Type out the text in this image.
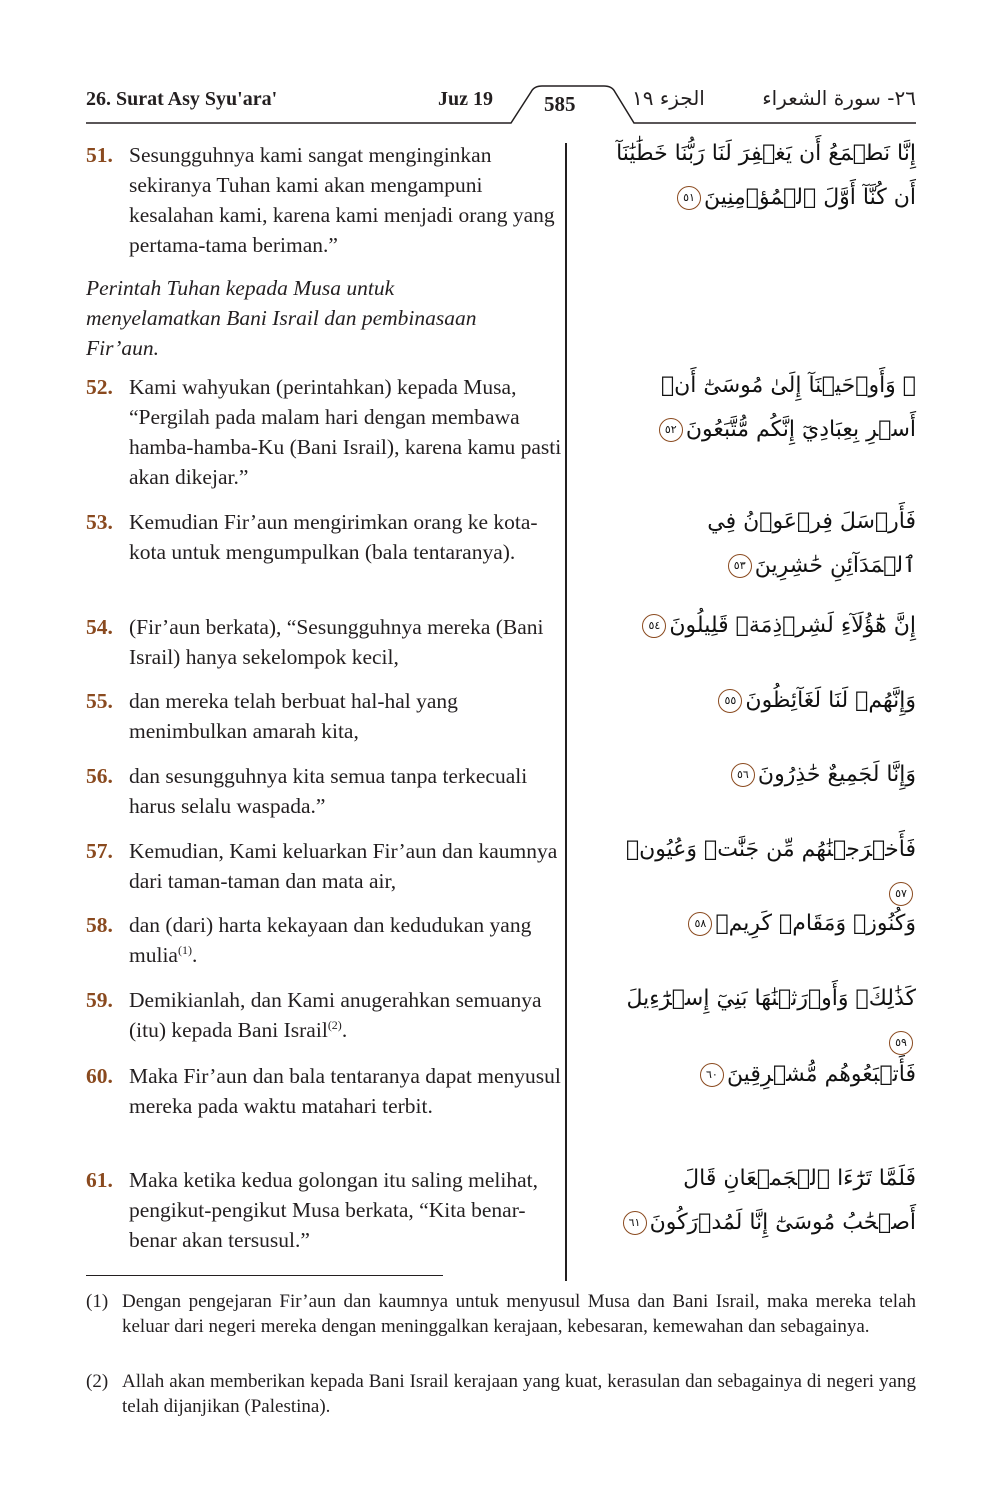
26. Surat Asy Syu'ara'	Juz 19 585	الجزء ١٩	٢٦- سورة الشعراء
51. Sesungguhnya kami sangat menginginkan sekiranya Tuhan kami akan mengampuni kesalahan kami, karena kami menjadi orang yang pertama-tama beriman.”
إِنَّا نَطۡمَعُ أَن يَغۡفِرَ لَنَا رَبُّنَا خَطَٰيَٰنَآ أَن كُنَّآ أَوَّلَ ٱلۡمُؤۡمِنِينَ٥١
Perintah Tuhan kepada Musa untuk menyelamatkan Bani Israil dan pembinasaan Fir’aun.
52. Kami wahyukan (perintahkan) kepada Musa, “Pergilah pada malam hari dengan membawa hamba-hamba-Ku (Bani Israil), karena kamu pasti akan dikejar.”
۞ وَأَوۡحَيۡنَآ إِلَىٰ مُوسَىٰٓ أَنۡ أَسۡرِ بِعِبَادِيٓ إِنَّكُم مُّتَّبَعُونَ٥٢
53. Kemudian Fir’aun mengirimkan orang ke kota-kota untuk mengumpulkan (bala tentaranya).
فَأَرۡسَلَ فِرۡعَوۡنُ فِي ٱلۡمَدَآئِنِ حَٰشِرِينَ٥٣
54. (Fir’aun berkata), “Sesungguhnya mereka (Bani Israil) hanya sekelompok kecil,
إِنَّ هَٰٓؤُلَآءِ لَشِرۡذِمَةٞ قَلِيلُونَ٥٤
55. dan mereka telah berbuat hal-hal yang menimbulkan amarah kita,
وَإِنَّهُمۡ لَنَا لَغَآئِظُونَ٥٥
56. dan sesungguhnya kita semua tanpa terkecuali harus selalu waspada.”
وَإِنَّا لَجَمِيعٌ حَٰذِرُونَ٥٦
57. Kemudian, Kami keluarkan Fir’aun dan kaumnya dari taman-taman dan mata air,
فَأَخۡرَجۡنَٰهُم مِّن جَنَّٰتٖ وَعُيُونٖ٥٧
58. dan (dari) harta kekayaan dan kedudukan yang mulia$^{(1)}$.
وَكُنُوزٖ وَمَقَامٖ كَرِيمٖ٥٨
59. Demikianlah, dan Kami anugerahkan semuanya (itu) kepada Bani Israil$^{(2)}$.
كَذَٰلِكَۖ وَأَوۡرَثۡنَٰهَا بَنِيٓ إِسۡرَٰٓءِيلَ٥٩
60. Maka Fir’aun dan bala tentaranya dapat menyusul mereka pada waktu matahari terbit.
فَأَتۡبَعُوهُم مُّشۡرِقِينَ٦٠
61. Maka ketika kedua golongan itu saling melihat, pengikut-pengikut Musa berkata, “Kita benar-benar akan tersusul.”
فَلَمَّا تَرَٰٓءَا ٱلۡجَمۡعَانِ قَالَ أَصۡحَٰبُ مُوسَىٰٓ إِنَّا لَمُدۡرَكُونَ٦١
(1) Dengan pengejaran Fir’aun dan kaumnya untuk menyusul Musa dan Bani Israil, maka mereka telah keluar dari negeri mereka dengan meninggalkan kerajaan, kebesaran, kemewahan dan sebagainya.
(2) Allah akan memberikan kepada Bani Israil kerajaan yang kuat, kerasulan dan sebagainya di negeri yang telah dijanjikan (Palestina).
